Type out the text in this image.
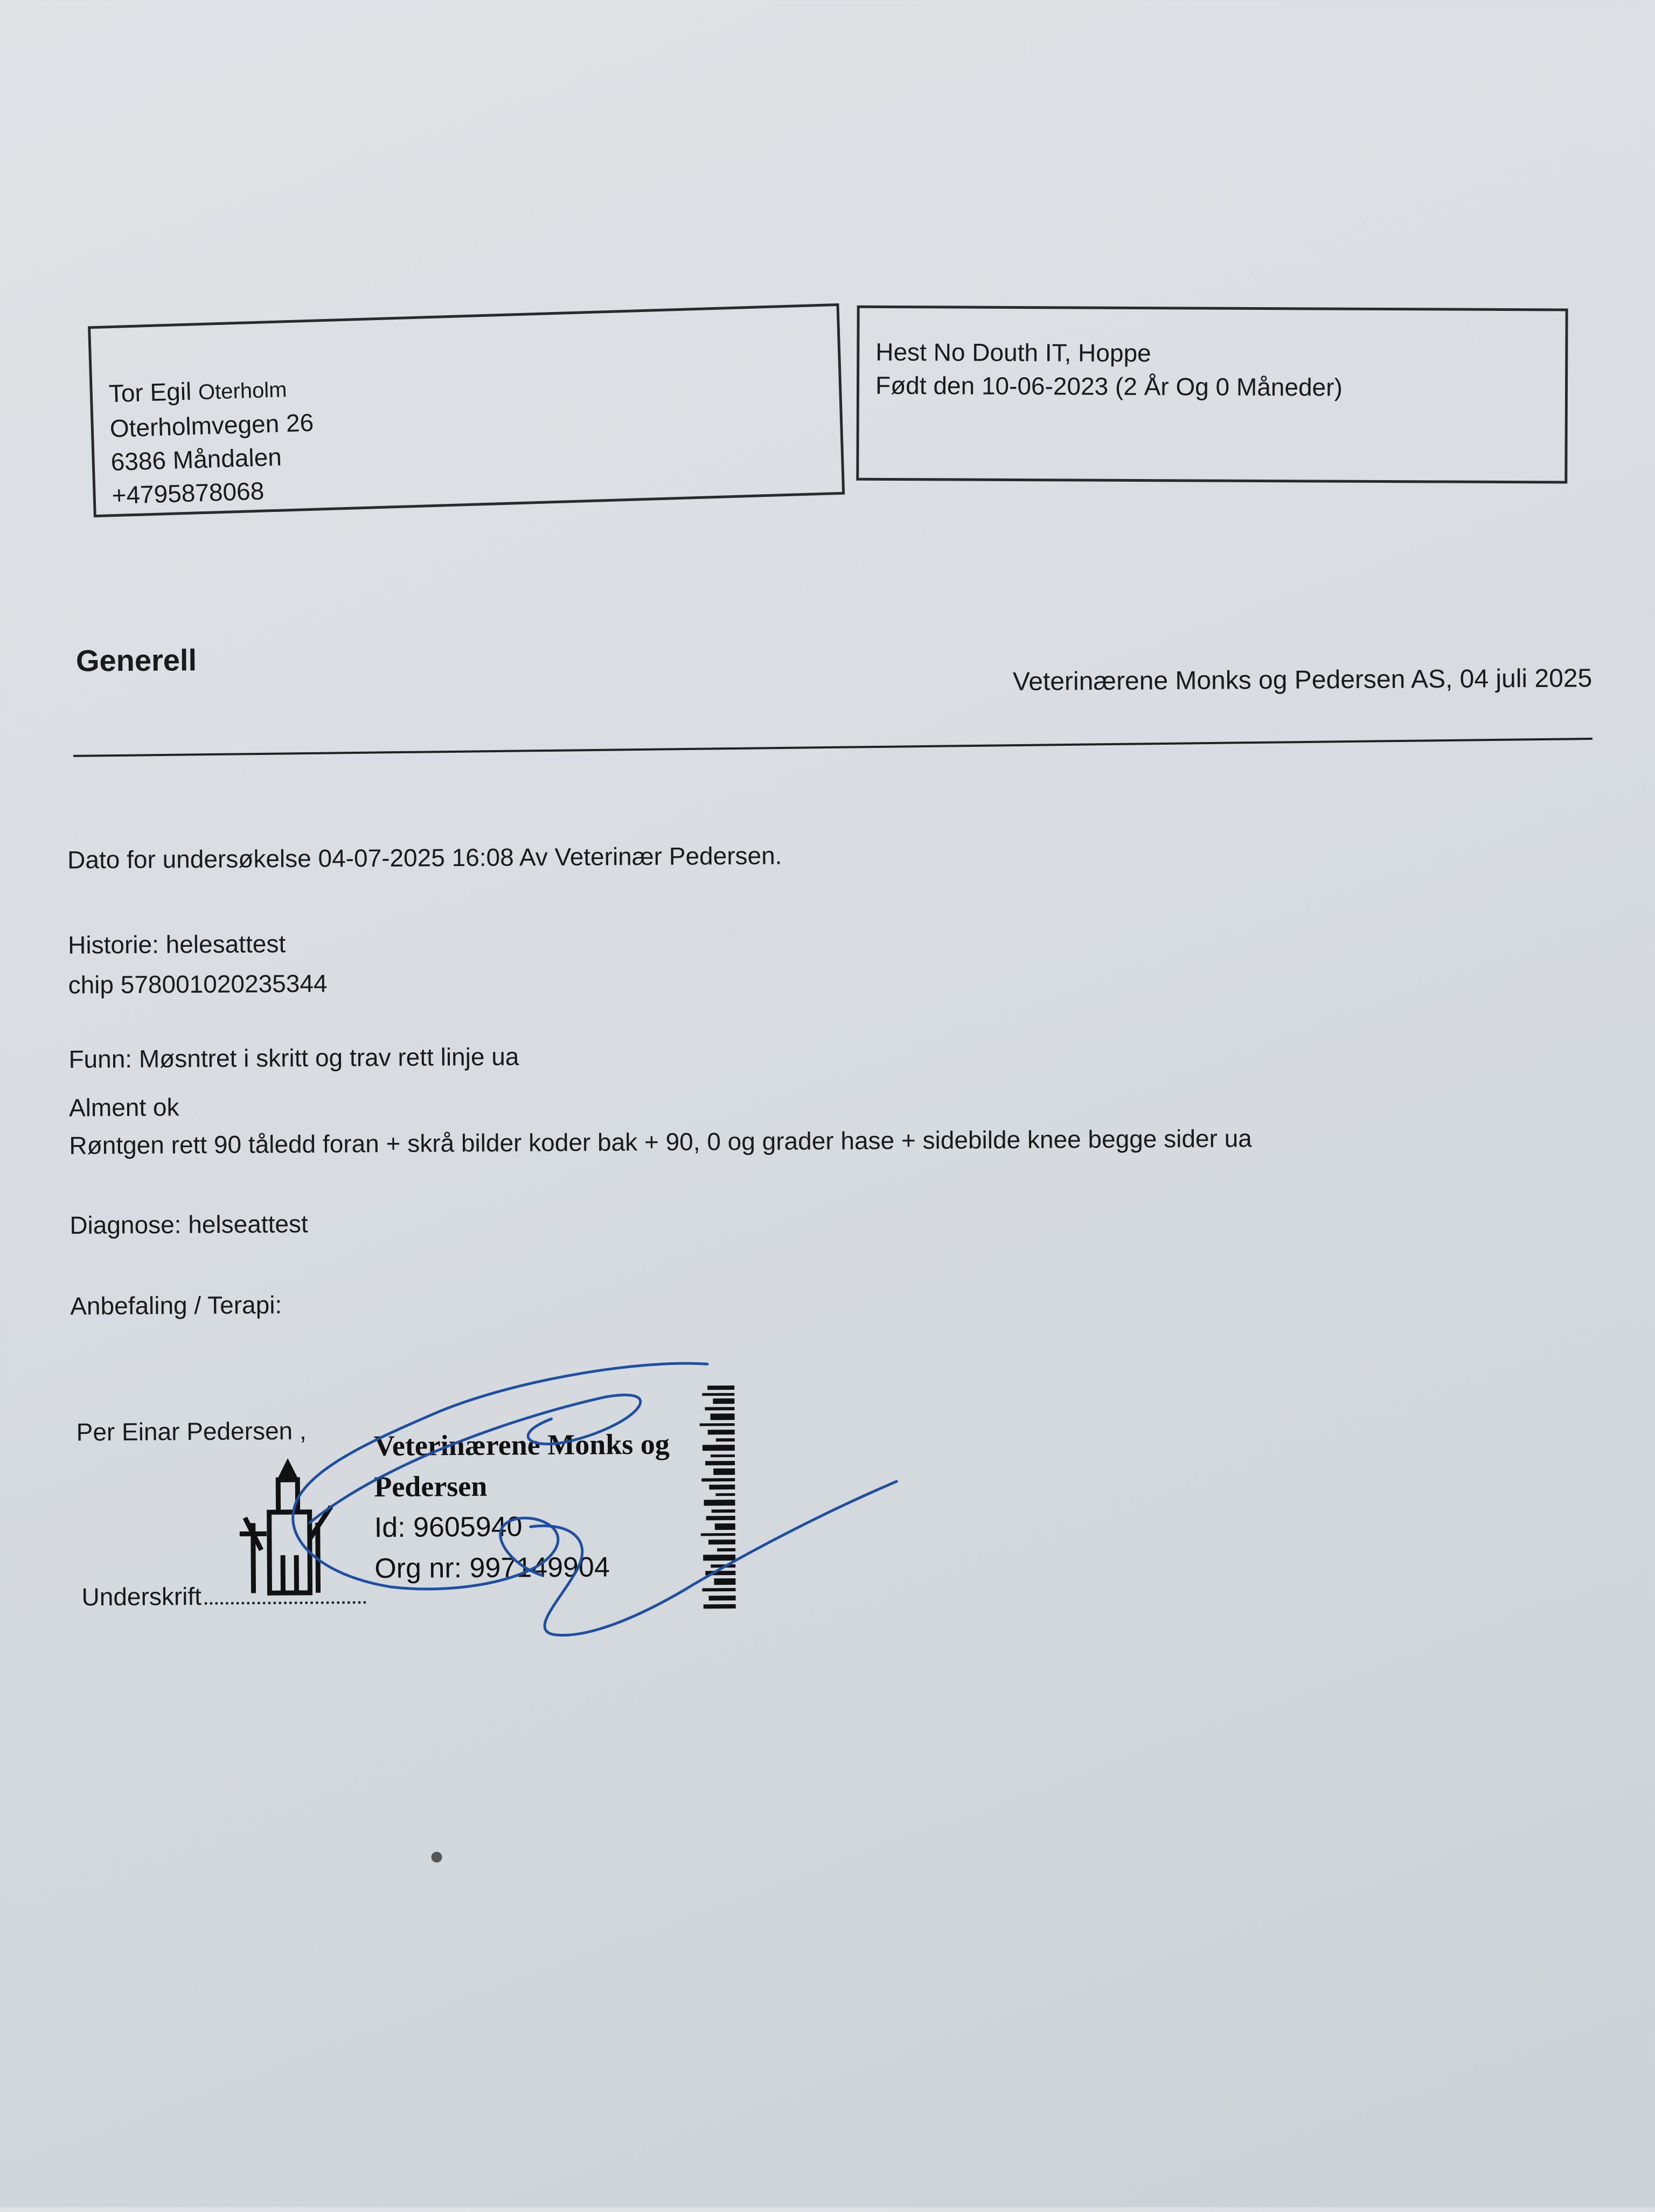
Tor Egil Oterholm
Oterholmvegen 26
6386 Måndalen
+4795878068
Hest No Douth IT, Hoppe
Født den 10-06-2023 (2 År Og 0 Måneder)
Generell
Veterinærene Monks og Pedersen AS, 04 juli 2025
Dato for undersøkelse 04-07-2025 16:08 Av Veterinær Pedersen.
Historie: helesattest
chip 578001020235344
Funn: Møsntret i skritt og trav rett linje ua
Alment ok
Røntgen rett 90 tåledd foran + skrå bilder koder bak + 90, 0 og grader hase + sidebilde knee begge sider ua
Diagnose: helseattest
Anbefaling / Terapi:
Per Einar Pedersen ,
Underskrift
Veterinærene Monks og
Pedersen
Id: 9605940
Org nr: 997149904
